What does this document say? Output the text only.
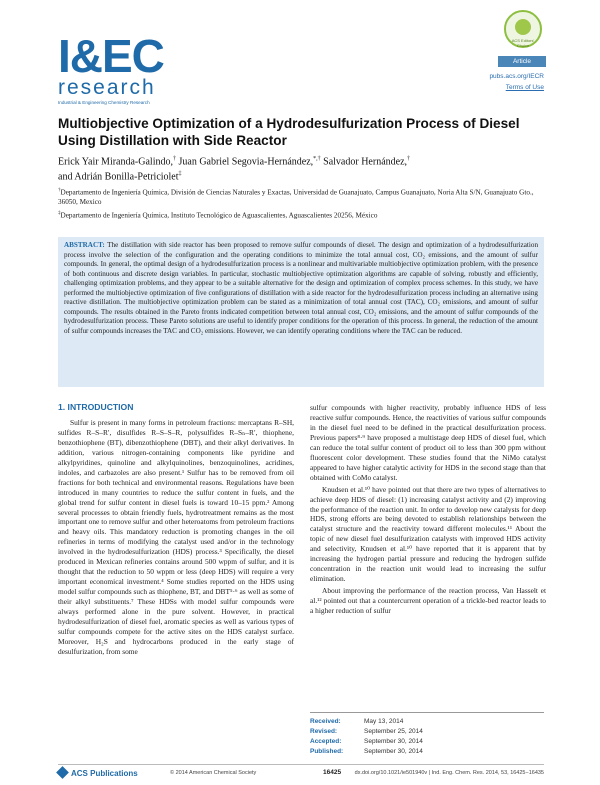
I&EC
research
Industrial & Engineering Chemistry Research
ACS Editors' Choice
Article
pubs.acs.org/IECR
Terms of Use
Multiobjective Optimization of a Hydrodesulfurization Process of Diesel Using Distillation with Side Reactor
Erick Yair Miranda-Galindo,† Juan Gabriel Segovia-Hernández,*,† Salvador Hernández,†
and Adrián Bonilla-Petriciolet‡

†Departamento de Ingeniería Química, División de Ciencias Naturales y Exactas, Universidad de Guanajuato, Campus Guanajuato, Noria Alta S/N, Guanajuato Gto., 36050, Mexico

‡Departamento de Ingeniería Química, Instituto Tecnológico de Aguascalientes, Aguascalientes 20256, México

ABSTRACT: The distillation with side reactor has been proposed to remove sulfur compounds of diesel. The design and optimization of a hydrodesulfurization process involve the selection of the configuration and the operating conditions to minimize the total annual cost, CO₂ emissions, and the amount of sulfur compounds. In general, the optimal design of a hydrodesulfurization process is a nonlinear and multivariable multiobjective optimization problem, with the presence of both continuous and discrete design variables. In particular, stochastic multiobjective optimization algorithms are capable of solving, robustly and efficiently, challenging optimization problems, and they appear to be a suitable alternative for the design and optimization of complex process schemes. In this study, we have performed the multiobjective optimization of five configurations of distillation with a side reactor for the hydrodesulfurization process including an alternative using reactive distillation. The multiobjective optimization problem can be stated as a minimization of total annual cost (TAC), CO₂ emissions, and amount of sulfur compounds. The results obtained in the Pareto fronts indicated competition between total annual cost, CO₂ emissions, and the amount of sulfur compounds of the hydrodesulfurization process. These Pareto solutions are useful to identify proper conditions for the operation of this process. In general, the reduction of the amount of sulfur compounds increases the TAC and CO₂ emissions. However, we can identify operating conditions where the TAC can be reduced.

1. INTRODUCTION

Sulfur is present in many forms in petroleum fractions: mercaptans R–SH, sulfides R–S–R′, disulfides R–S–S–R, polysulfides R–Sₙ–R′, thiophene, benzothiophene (BT), dibenzothiophene (DBT), and their alkyl derivatives. In addition, various nitrogen-containing components like pyridine and alkylpyridines, quinoline and alkylquinolines, benzoquinolines, acridines, indoles, and carbazoles are also present.¹ Sulfur has to be removed from oil fractions for both technical and environmental reasons. Regulations have been introduced in many countries to reduce the sulfur content in fuels, and the global trend for sulfur content in diesel fuels is toward 10–15 ppm.² Among several processes to obtain friendly fuels, hydrotreatment remains as the most important one to remove sulfur and other heteroatoms from petroleum fractions and heavy oils. This mandatory reduction is promoting changes in the oil refineries in terms of modifying the catalyst used and/or in the technology involved in the hydrodesulfurization (HDS) process.³ Specifically, the diesel produced in Mexican refineries contains around 500 wppm of sulfur, and it is thought that the reduction to 50 wppm or less (deep HDS) will require a very important economical investment.⁴ Some studies reported on the HDS using model sulfur compounds such as thiophene, BT, and DBT⁵·⁶ as well as some of their alkyl substituents.⁷ These HDSs with model sulfur compounds were always performed alone in the pure solvent. However, in practical hydrodesulfurization of diesel fuel, aromatic species as well as various types of sulfur compounds compete for the active sites on the HDS catalyst surface. Moreover, H₂S and hydrocarbons produced in the early stage of desulfurization, from some

sulfur compounds with higher reactivity, probably influence HDS of less reactive sulfur compounds. Hence, the reactivities of various sulfur compounds in the diesel fuel need to be defined in the practical desulfurization process. Previous papers⁸·⁹ have proposed a multistage deep HDS of diesel fuel, which can reduce the total sulfur content of product oil to less than 300 ppm without fluorescent color development. These studies found that the NiMo catalyst appeared to have higher catalytic activity for HDS in the second stage than that obtained with CoMo catalyst.

Knudsen et al.¹⁰ have pointed out that there are two types of alternatives to achieve deep HDS of diesel: (1) increasing catalyst activity and (2) improving the performance of the reaction unit. In order to develop new catalysts for deep HDS, strong efforts are being devoted to establish relationships between the catalyst structure and the reactivity toward different molecules.¹¹ About the topic of new diesel fuel desulfurization catalysts with improved HDS activity and selectivity, Knudsen et al.¹⁰ have reported that it is apparent that by increasing the hydrogen partial pressure and reducing the hydrogen sulfide concentration in the reaction unit would lead to increasing the sulfur elimination.

About improving the performance of the reaction process, Van Hasselt et al.¹² pointed out that a countercurrent operation of a trickle-bed reactor leads to a higher reduction of sulfur

Received:	May 13, 2014
Revised:	September 25, 2014
Accepted:	September 30, 2014
Published:	September 30, 2014
ACS Publications	© 2014 American Chemical Society	16425 dx.doi.org/10.1021/ie501940v | Ind. Eng. Chem. Res. 2014, 53, 16425−16435
